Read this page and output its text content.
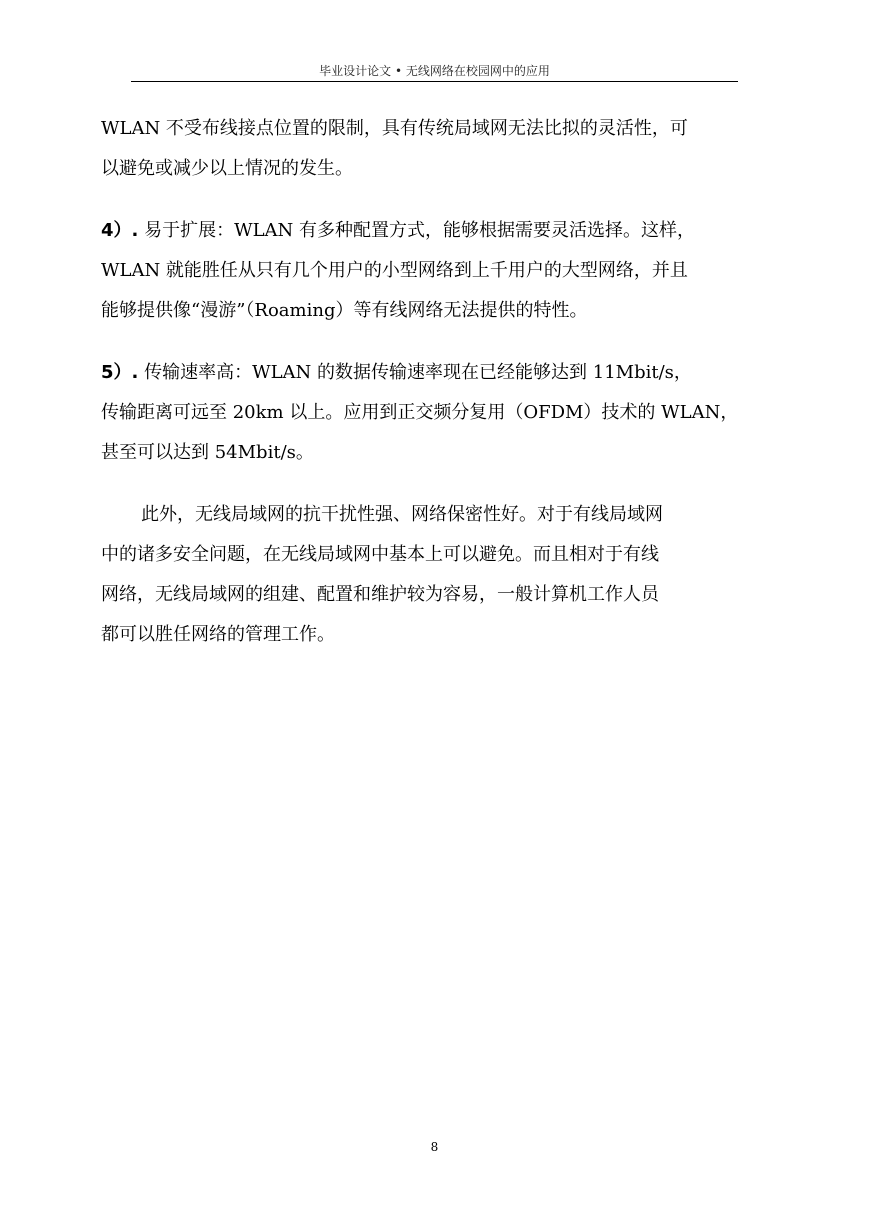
毕业设计论文 • 无线网络在校园网中的应用

WLAN 不受布线接点位置的限制，具有传统局域网无法比拟的灵活性，可
以避免或减少以上情况的发生。

4）. 易于扩展：WLAN 有多种配置方式，能够根据需要灵活选择。这样，
WLAN 就能胜任从只有几个用户的小型网络到上千用户的大型网络，并且
能够提供像“漫游”（Roaming）等有线网络无法提供的特性。

5）. 传输速率高：WLAN 的数据传输速率现在已经能够达到 11Mbit/s，
传输距离可远至 20km 以上。应用到正交频分复用（OFDM）技术的 WLAN，
甚至可以达到 54Mbit/s。

此外，无线局域网的抗干扰性强、网络保密性好。对于有线局域网
中的诸多安全问题，在无线局域网中基本上可以避免。而且相对于有线
网络，无线局域网的组建、配置和维护较为容易，一般计算机工作人员
都可以胜任网络的管理工作。

8
